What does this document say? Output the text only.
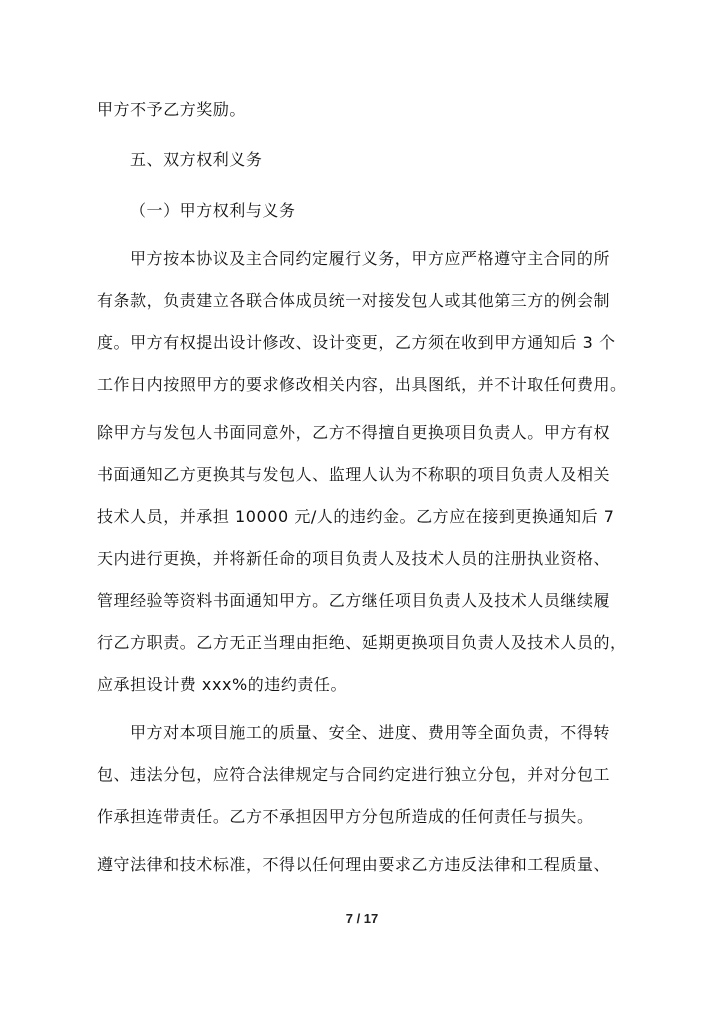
甲方不予乙方奖励。
五、双方权利义务
（一）甲方权利与义务
甲方按本协议及主合同约定履行义务，甲方应严格遵守主合同的所
有条款，负责建立各联合体成员统一对接发包人或其他第三方的例会制
度。甲方有权提出设计修改、设计变更，乙方须在收到甲方通知后 3 个
工作日内按照甲方的要求修改相关内容，出具图纸，并不计取任何费用。
除甲方与发包人书面同意外，乙方不得擅自更换项目负责人。甲方有权
书面通知乙方更换其与发包人、监理人认为不称职的项目负责人及相关
技术人员，并承担 10000 元/人的违约金。乙方应在接到更换通知后 7
天内进行更换，并将新任命的项目负责人及技术人员的注册执业资格、
管理经验等资料书面通知甲方。乙方继任项目负责人及技术人员继续履
行乙方职责。乙方无正当理由拒绝、延期更换项目负责人及技术人员的，
应承担设计费 xxx%的违约责任。
甲方对本项目施工的质量、安全、进度、费用等全面负责，不得转
包、违法分包，应符合法律规定与合同约定进行独立分包，并对分包工
作承担连带责任。乙方不承担因甲方分包所造成的任何责任与损失。
遵守法律和技术标准，不得以任何理由要求乙方违反法律和工程质量、
7 / 17
